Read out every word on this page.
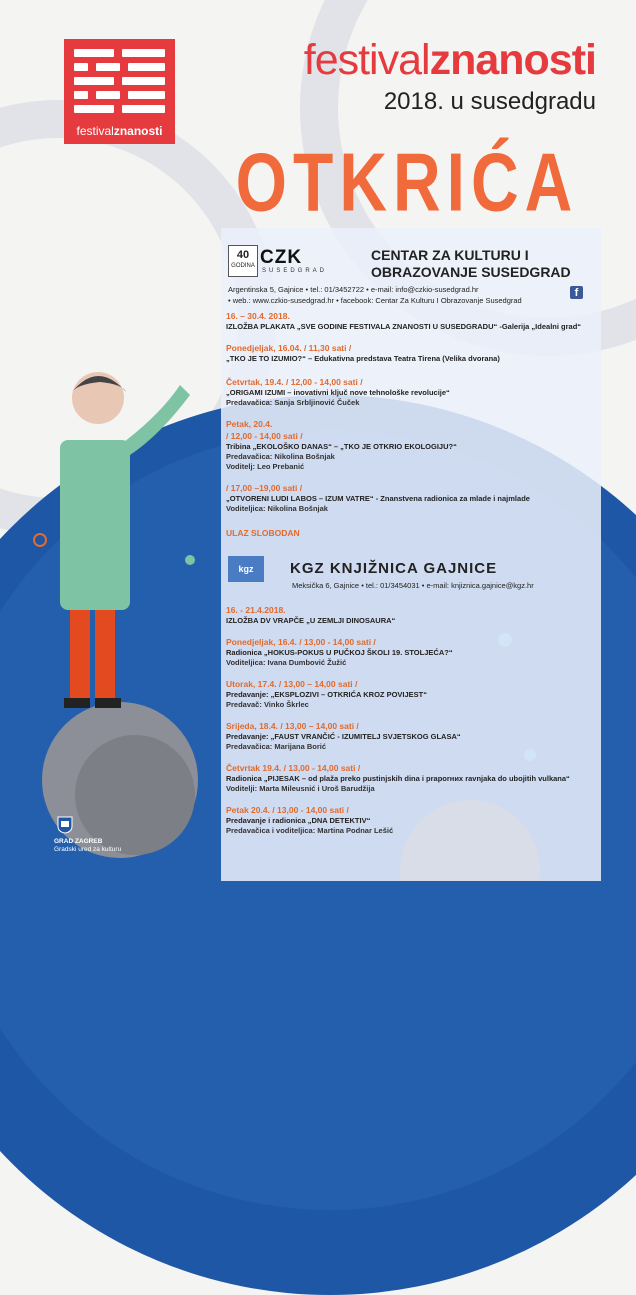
festivalznanosti
festivalznanosti
2018. u susedgradu
OTKRIĆA
40
GODINA CZK
SUSEDGRAD
CENTAR ZA KULTURU I
OBRAZOVANJE SUSEDGRAD
Argentinska 5, Gajnice • tel.: 01/3452722 • e-mail: info@czkio-susedgrad.hr
• web.: www.czkio-susedgrad.hr • facebook: Centar Za Kulturu I Obrazovanje Susedgrad
f
16. – 30.4. 2018.
IZLOŽBA PLAKATA „SVE GODINE FESTIVALA ZNANOSTI U SUSEDGRADU“ -Galerija „Idealni grad“
Ponedjeljak, 16.04. / 11,30 sati /
„TKO JE TO IZUMIO?“ – Edukativna predstava Teatra Tirena (Velika dvorana)
Četvrtak, 19.4. / 12,00 - 14,00 sati /
„ORIGAMI IZUMI – inovativni ključ nove tehnološke revolucije“
Predavačica: Sanja Srbljinović Čuček
Petak, 20.4.
/ 12,00 - 14,00 sati /
Tribina „EKOLOŠKO DANAS“ – „TKO JE OTKRIO EKOLOGIJU?“
Predavačica: Nikolina Bošnjak
Voditelj: Leo Prebanić
/ 17,00 –19,00 sati /
„OTVORENI LUDI LABOS – IZUM VATRE“ - Znanstvena radionica za mlade i najmlade
Voditeljica: Nikolina Bošnjak
ULAZ SLOBODAN
kgz	KGZ KNJIŽNICA GAJNICE
Meksička 6, Gajnice • tel.: 01/3454031 • e-mail: knjiznica.gajnice@kgz.hr
16. - 21.4.2018.
IZLOŽBA DV VRAPČE „U ZEMLJI DINOSAURA“
Ponedjeljak, 16.4. / 13,00 - 14,00 sati /
Radionica „HOKUS-POKUS U PUČKOJ ŠKOLI 19. STOLJEĆA?“
Voditeljica: Ivana Dumbović Žužić
Utorak, 17.4. / 13,00 – 14,00 sati /
Predavanje: „EKSPLOZIVI – OTKRIĆA KROZ POVIJEST“
Predavač: Vinko Škrlec
Srijeda, 18.4. / 13,00 – 14,00 sati /
Predavanje: „FAUST VRANČIĆ - IZUMITELJ SVJETSKOG GLASA“
Predavačica: Marijana Borić
Četvrtak 19.4. / 13,00 - 14,00 sati /
Radionica „PIJESAK – od plaža preko pustinjskih dina i praporних ravnjaka do ubojitih vulkana“
Voditelji: Marta Mileusnić i Uroš Barudžija
Petak 20.4. / 13,00 - 14,00 sati /
Predavanje i radionica „DNA DETEKTIV“
Predavačica i voditeljica: Martina Podnar Lešić
GRAD ZAGREB
Gradski ured za kulturu
